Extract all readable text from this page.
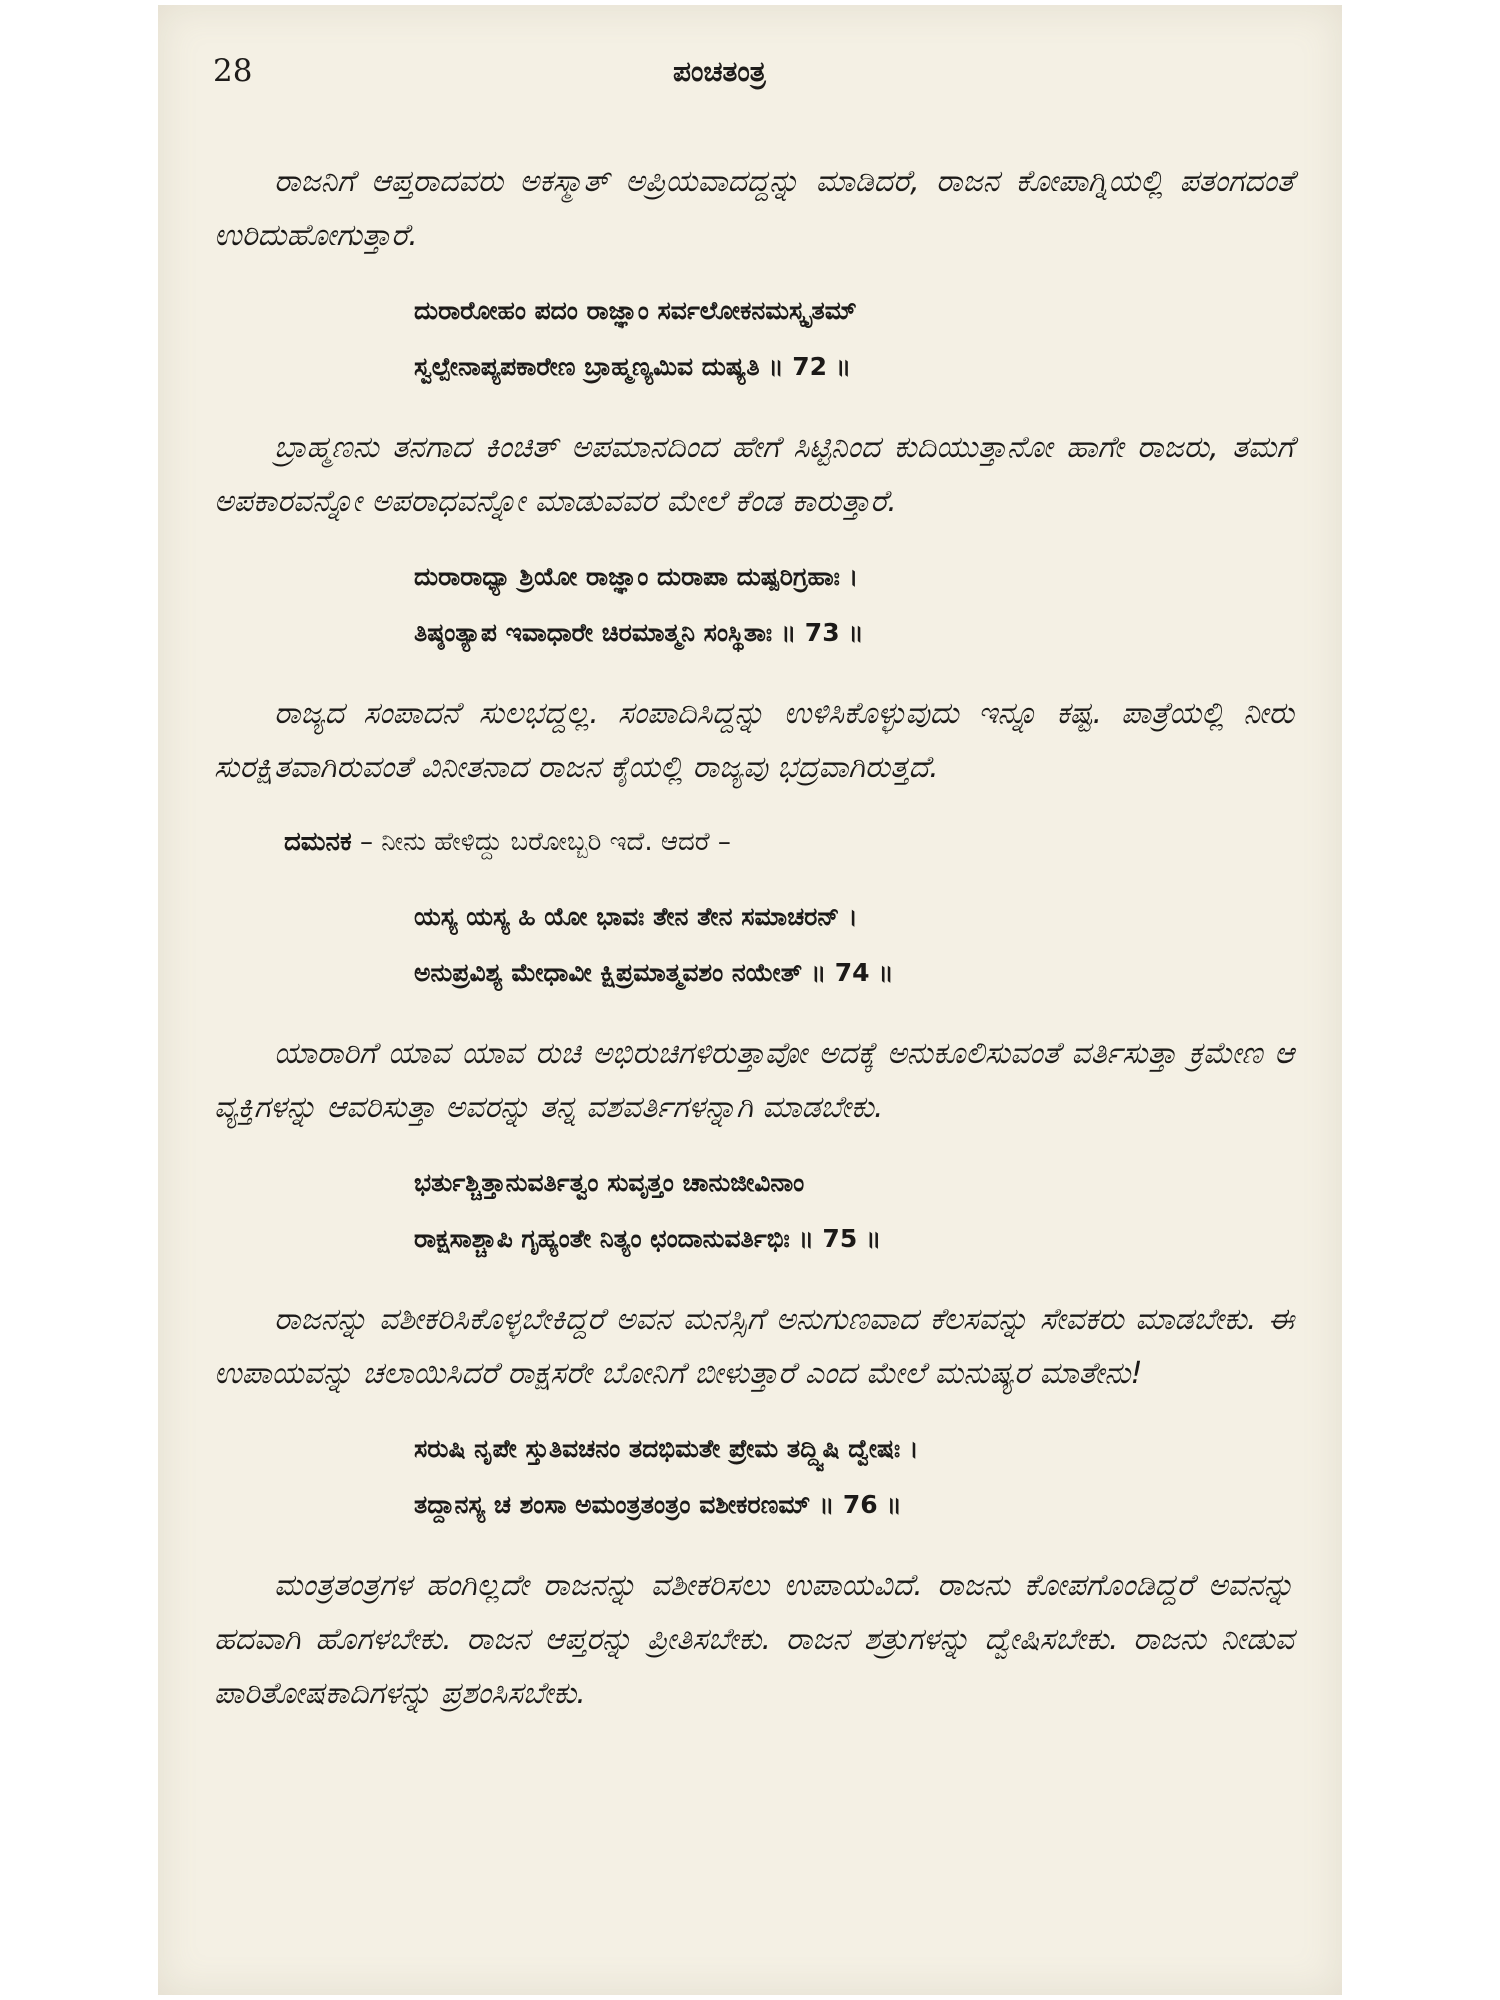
28	ಪಂಚತಂತ್ರ

ರಾಜನಿಗೆ ಆಪ್ತರಾದವರು ಅಕಸ್ಮಾತ್ ಅಪ್ರಿಯವಾದದ್ದನ್ನು ಮಾಡಿದರೆ, ರಾಜನ ಕೋಪಾಗ್ನಿಯಲ್ಲಿ ಪತಂಗದಂತೆ ಉರಿದುಹೋಗುತ್ತಾರೆ.

ದುರಾರೋಹಂ ಪದಂ ರಾಜ್ಞಾಂ ಸರ್ವಲೋಕನಮಸ್ಕೃತಮ್
ಸ್ವಲ್ಪೇನಾಪ್ಯಪಕಾರೇಣ ಬ್ರಾಹ್ಮಣ್ಯಮಿವ ದುಷ್ಯತಿ ॥ 72 ॥

ಬ್ರಾಹ್ಮಣನು ತನಗಾದ ಕಿಂಚಿತ್ ಅಪಮಾನದಿಂದ ಹೇಗೆ ಸಿಟ್ಟಿನಿಂದ ಕುದಿಯುತ್ತಾನೋ ಹಾಗೇ ರಾಜರು, ತಮಗೆ ಅಪಕಾರವನ್ನೋ ಅಪರಾಧವನ್ನೋ ಮಾಡುವವರ ಮೇಲೆ ಕೆಂಡ ಕಾರುತ್ತಾರೆ.

ದುರಾರಾಧ್ಯಾ ಶ್ರಿಯೋ ರಾಜ್ಞಾಂ ದುರಾಪಾ ದುಷ್ಪರಿಗ್ರಹಾಃ ।
ತಿಷ್ಠಂತ್ಯಾಪ ಇವಾಧಾರೇ ಚಿರಮಾತ್ಮನಿ ಸಂಸ್ಥಿತಾಃ ॥ 73 ॥

ರಾಜ್ಯದ ಸಂಪಾದನೆ ಸುಲಭದ್ದಲ್ಲ. ಸಂಪಾದಿಸಿದ್ದನ್ನು ಉಳಿಸಿಕೊಳ್ಳುವುದು ಇನ್ನೂ ಕಷ್ಟ. ಪಾತ್ರೆಯಲ್ಲಿ ನೀರು ಸುರಕ್ಷಿತವಾಗಿರುವಂತೆ ವಿನೀತನಾದ ರಾಜನ ಕೈಯಲ್ಲಿ ರಾಜ್ಯವು ಭದ್ರವಾಗಿರುತ್ತದೆ.

ದಮನಕ – ನೀನು ಹೇಳಿದ್ದು ಬರೋಬ್ಬರಿ ಇದೆ. ಆದರೆ –
ಯಸ್ಯ ಯಸ್ಯ ಹಿ ಯೋ ಭಾವಃ ತೇನ ತೇನ ಸಮಾಚರನ್ ।
ಅನುಪ್ರವಿಶ್ಯ ಮೇಧಾವೀ ಕ್ಷಿಪ್ರಮಾತ್ಮವಶಂ ನಯೇತ್ ॥ 74 ॥

ಯಾರಾರಿಗೆ ಯಾವ ಯಾವ ರುಚಿ ಅಭಿರುಚಿಗಳಿರುತ್ತಾವೋ ಅದಕ್ಕೆ ಅನುಕೂಲಿಸುವಂತೆ ವರ್ತಿಸುತ್ತಾ ಕ್ರಮೇಣ ಆ ವ್ಯಕ್ತಿಗಳನ್ನು ಆವರಿಸುತ್ತಾ ಅವರನ್ನು ತನ್ನ ವಶವರ್ತಿಗಳನ್ನಾಗಿ ಮಾಡಬೇಕು.

ಭರ್ತುಶ್ಚಿತ್ತಾನುವರ್ತಿತ್ವಂ ಸುವೃತ್ತಂ ಚಾನುಜೀವಿನಾಂ
ರಾಕ್ಷಸಾಶ್ಚಾಪಿ ಗೃಹ್ಯಂತೇ ನಿತ್ಯಂ ಛಂದಾನುವರ್ತಿಭಿಃ ॥ 75 ॥

ರಾಜನನ್ನು ವಶೀಕರಿಸಿಕೊಳ್ಳಬೇಕಿದ್ದರೆ ಅವನ ಮನಸ್ಸಿಗೆ ಅನುಗುಣವಾದ ಕೆಲಸವನ್ನು ಸೇವಕರು ಮಾಡಬೇಕು. ಈ ಉಪಾಯವನ್ನು ಚಲಾಯಿಸಿದರೆ ರಾಕ್ಷಸರೇ ಬೋನಿಗೆ ಬೀಳುತ್ತಾರೆ ಎಂದ ಮೇಲೆ ಮನುಷ್ಯರ ಮಾತೇನು!

ಸರುಷಿ ನೃಪೇ ಸ್ತುತಿವಚನಂ ತದಭಿಮತೇ ಪ್ರೇಮ ತದ್ದ್ವಿಷಿ ದ್ವೇಷಃ ।
ತದ್ದಾನಸ್ಯ ಚ ಶಂಸಾ ಅಮಂತ್ರತಂತ್ರಂ ವಶೀಕರಣಮ್ ॥ 76 ॥

ಮಂತ್ರತಂತ್ರಗಳ ಹಂಗಿಲ್ಲದೇ ರಾಜನನ್ನು ವಶೀಕರಿಸಲು ಉಪಾಯವಿದೆ. ರಾಜನು ಕೋಪಗೊಂಡಿದ್ದರೆ ಅವನನ್ನು ಹದವಾಗಿ ಹೊಗಳಬೇಕು. ರಾಜನ ಆಪ್ತರನ್ನು ಪ್ರೀತಿಸಬೇಕು. ರಾಜನ ಶತ್ರುಗಳನ್ನು ದ್ವೇಷಿಸಬೇಕು. ರಾಜನು ನೀಡುವ ಪಾರಿತೋಷಕಾದಿಗಳನ್ನು ಪ್ರಶಂಸಿಸಬೇಕು.
